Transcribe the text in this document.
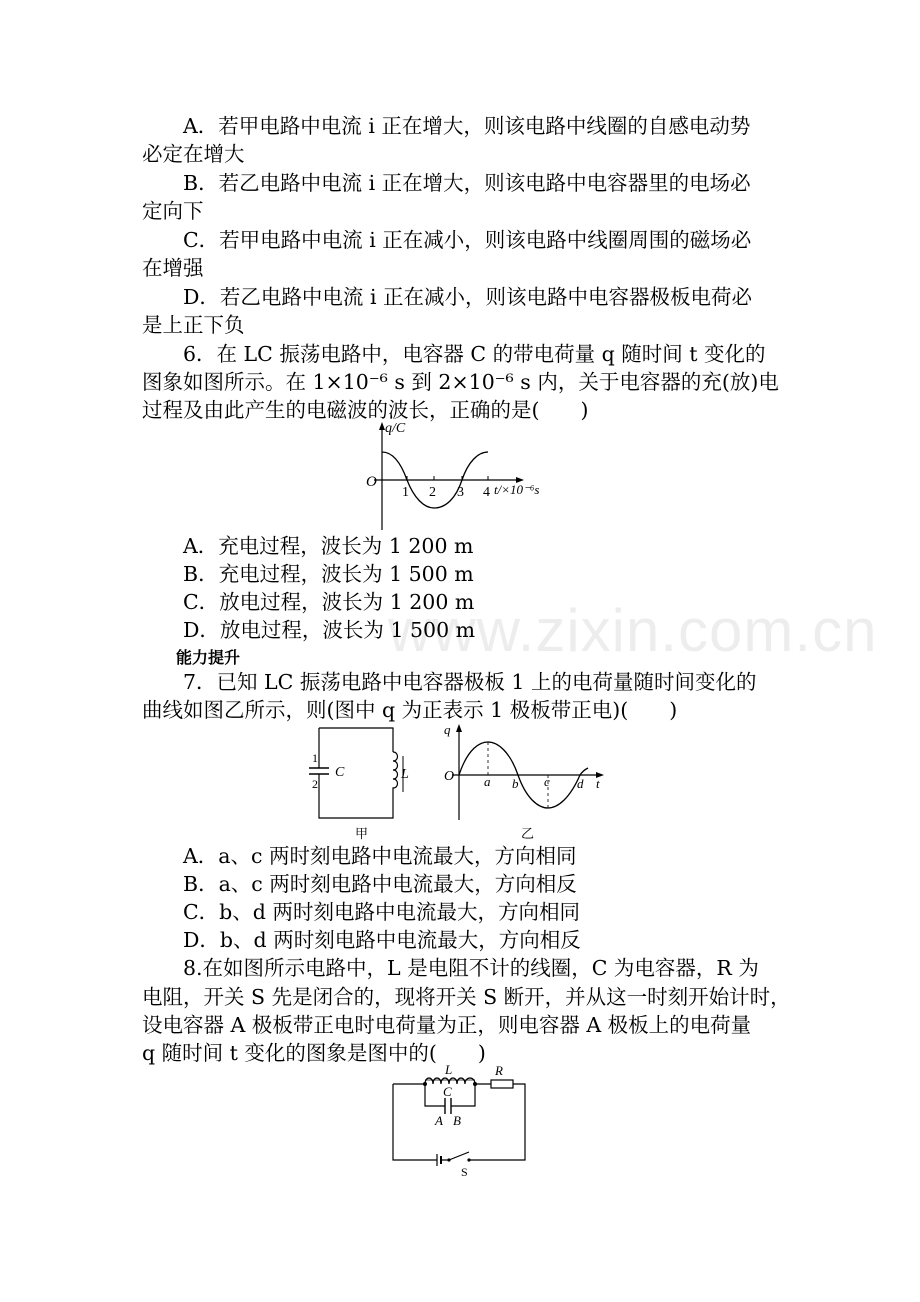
A．若甲电路中电流 i 正在增大，则该电路中线圈的自感电动势
必定在增大
B．若乙电路中电流 i 正在增大，则该电路中电容器里的电场必
定向下
C．若甲电路中电流 i 正在减小，则该电路中线圈周围的磁场必
在增强
D．若乙电路中电流 i 正在减小，则该电路中电容器极板电荷必
是上正下负
6．在 LC 振荡电路中，电容器 C 的带电荷量 q 随时间 t 变化的
图象如图所示。在 1×10⁻⁶ s 到 2×10⁻⁶ s 内，关于电容器的充(放)电
过程及由此产生的电磁波的波长，正确的是(　　)
q/C
O
1 2 3 4 t/×10⁻⁶s
A．充电过程，波长为 1 200 m
B．充电过程，波长为 1 500 m
C．放电过程，波长为 1 200 m
D．放电过程，波长为 1 500 m
能力提升
7．已知 LC 振荡电路中电容器极板 1 上的电荷量随时间变化的
曲线如图乙所示，则(图中 q 为正表示 1 极板带正电)(　　)
1
2
C	L
甲
q
O a b c d t
乙
A．a、c 两时刻电路中电流最大，方向相同
B．a、c 两时刻电路中电流最大，方向相反
C．b、d 两时刻电路中电流最大，方向相同
D．b、d 两时刻电路中电流最大，方向相反
8.在如图所示电路中，L 是电阻不计的线圈，C 为电容器，R 为
电阻，开关 S 先是闭合的，现将开关 S 断开，并从这一时刻开始计时，
设电容器 A 极板带正电时电荷量为正，则电容器 A 极板上的电荷量
q 随时间 t 变化的图象是图中的(　　)
L	R
C
A B
S
www.zixin.com.cn
